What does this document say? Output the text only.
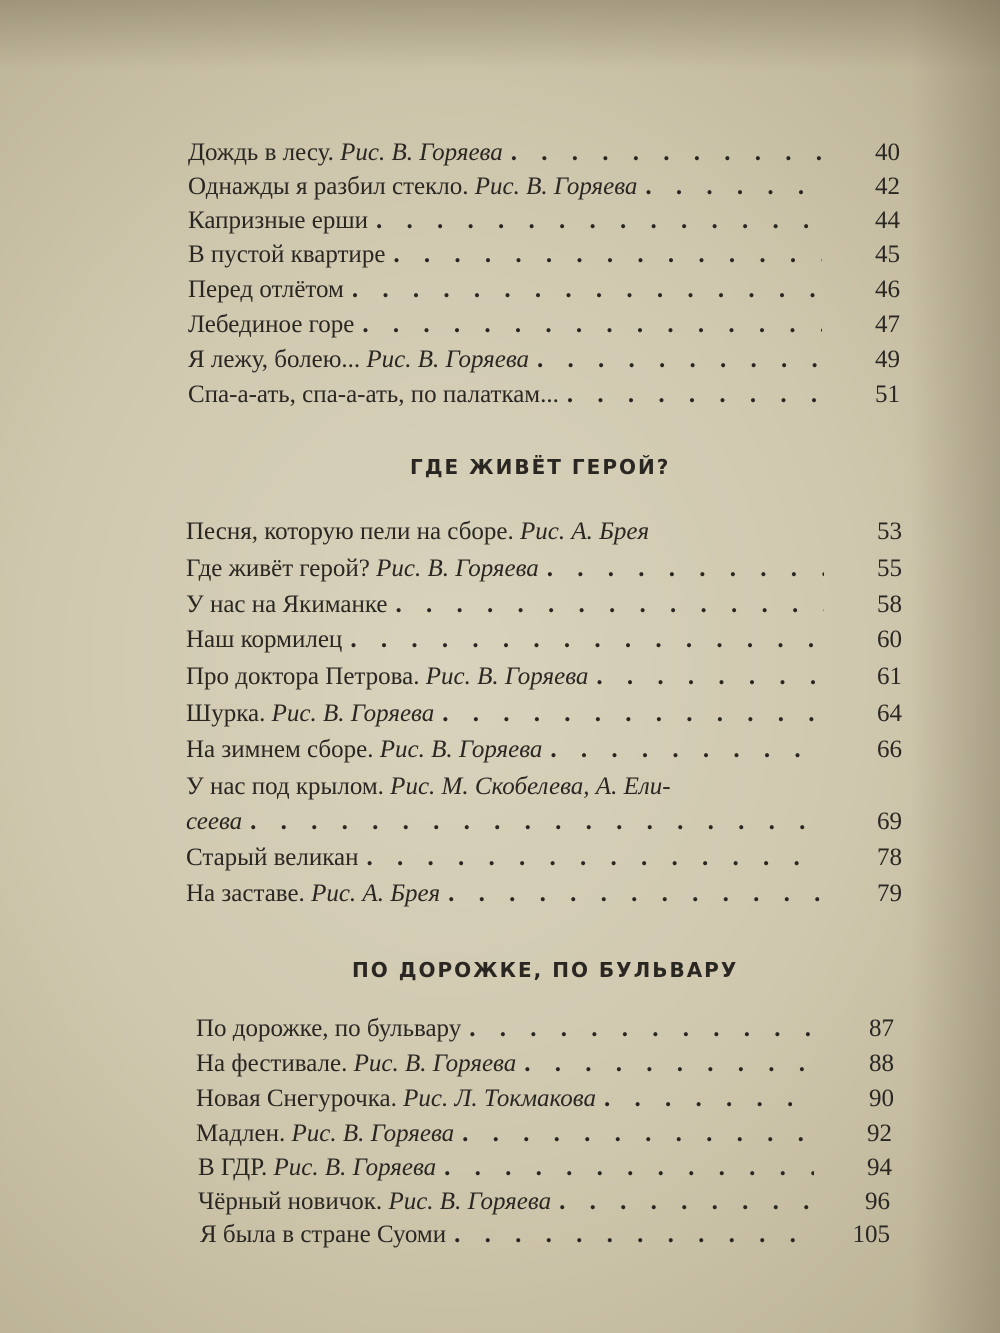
Дождь в лесу. Рис. В. Горяева . . .	40
Однажды я разбил стекло. Рис. В. Горяева . . .	42
Капризные ерши . . .	44
В пустой квартире . . .	45
Перед отлётом . . .	46
Лебединое горе . . .	47
Я лежу, болею... Рис. В. Горяева . . .	49
Спа-а-ать, спа-а-ать, по палаткам... . . .	51
ГДЕ ЖИВЁТ ГЕРОЙ?
Песня, которую пели на сборе. Рис. А. Брея	53
Где живёт герой? Рис. В. Горяева . . .	55
У нас на Якиманке . . .	58
Наш кормилец . . .	60
Про доктора Петрова. Рис. В. Горяева . . .	61
Шурка. Рис. В. Горяева . . .	64
На зимнем сборе. Рис. В. Горяева . . .	66
У нас под крылом. Рис. М. Скобелева, А. Ели-
сеева . . .	69
Старый великан . . .	78
На заставе. Рис. А. Брея . . .	79
ПО ДОРОЖКЕ, ПО БУЛЬВАРУ
По дорожке, по бульвару . . .	87
На фестивале. Рис. В. Горяева . . .	88
Новая Снегурочка. Рис. Л. Токмакова . . .	90
Мадлен. Рис. В. Горяева . . .	92
В ГДР. Рис. В. Горяева . . .	94
Чёрный новичок. Рис. В. Горяева . . .	96
Я была в стране Суоми . . .	105
